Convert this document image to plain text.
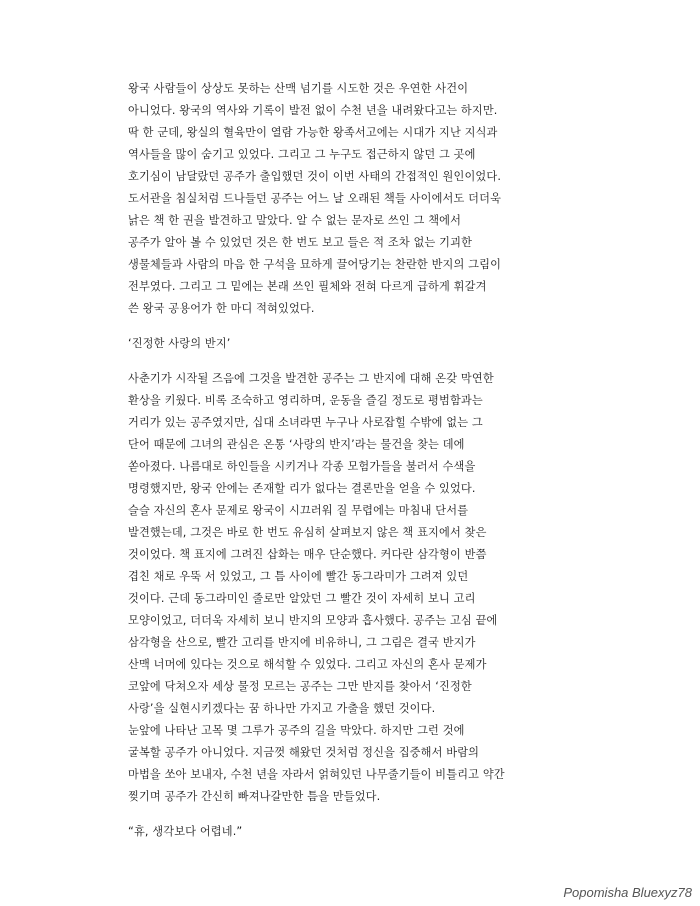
왕국 사람들이 상상도 못하는 산맥 넘기를 시도한 것은 우연한 사건이
아니었다. 왕국의 역사와 기록이 발전 없이 수천 년을 내려왔다고는 하지만.
딱 한 군데, 왕실의 혈육만이 열람 가능한 왕족서고에는 시대가 지난 지식과
역사들을 많이 숨기고 있었다. 그리고 그 누구도 접근하지 않던 그 곳에
호기심이 남달랐던 공주가 출입했던 것이 이번 사태의 간접적인 원인이었다.
도서관을 침실처럼 드나들던 공주는 어느 날 오래된 책들 사이에서도 더더욱
낡은 책 한 권을 발견하고 말았다. 알 수 없는 문자로 쓰인 그 책에서
공주가 알아 볼 수 있었던 것은 한 번도 보고 들은 적 조차 없는 기괴한
생물체들과 사람의 마음 한 구석을 묘하게 끌어당기는 찬란한 반지의 그림이
전부였다. 그리고 그 밑에는 본래 쓰인 필체와 전혀 다르게 급하게 휘갈겨
쓴 왕국 공용어가 한 마디 적혀있었다.
‘진정한 사랑의 반지’
사춘기가 시작될 즈음에 그것을 발견한 공주는 그 반지에 대해 온갖 막연한
환상을 키웠다. 비록 조숙하고 영리하며, 운동을 즐길 정도로 평범함과는
거리가 있는 공주였지만, 십대 소녀라면 누구나 사로잡힐 수밖에 없는 그
단어 때문에 그녀의 관심은 온통 ‘사랑의 반지’라는 물건을 찾는 데에
쏟아졌다. 나름대로 하인들을 시키거나 각종 모험가들을 불러서 수색을
명령했지만, 왕국 안에는 존재할 리가 없다는 결론만을 얻을 수 있었다.
슬슬 자신의 혼사 문제로 왕국이 시끄러워 질 무렵에는 마침내 단서를
발견했는데, 그것은 바로 한 번도 유심히 살펴보지 않은 책 표지에서 찾은
것이었다. 책 표지에 그려진 삽화는 매우 단순했다. 커다란 삼각형이 반쯤
겹친 채로 우뚝 서 있었고, 그 틈 사이에 빨간 동그라미가 그려져 있던
것이다. 근데 동그라미인 줄로만 알았던 그 빨간 것이 자세히 보니 고리
모양이었고, 더더욱 자세히 보니 반지의 모양과 흡사했다. 공주는 고심 끝에
삼각형을 산으로, 빨간 고리를 반지에 비유하니, 그 그림은 결국 반지가
산맥 너머에 있다는 것으로 해석할 수 있었다. 그리고 자신의 혼사 문제가
코앞에 닥쳐오자 세상 물정 모르는 공주는 그만 반지를 찾아서 ‘진정한
사랑’을 실현시키겠다는 꿈 하나만 가지고 가출을 했던 것이다.
눈앞에 나타난 고목 몇 그루가 공주의 길을 막았다. 하지만 그런 것에
굴복할 공주가 아니었다. 지금껏 해왔던 것처럼 정신을 집중해서 바람의
마법을 쏘아 보내자, 수천 년을 자라서 얽혀있던 나무줄기들이 비틀리고 약간
찢기며 공주가 간신히 빠져나갈만한 틈을 만들었다.
“휴, 생각보다 어렵네.”
Popomisha Bluexyz78
